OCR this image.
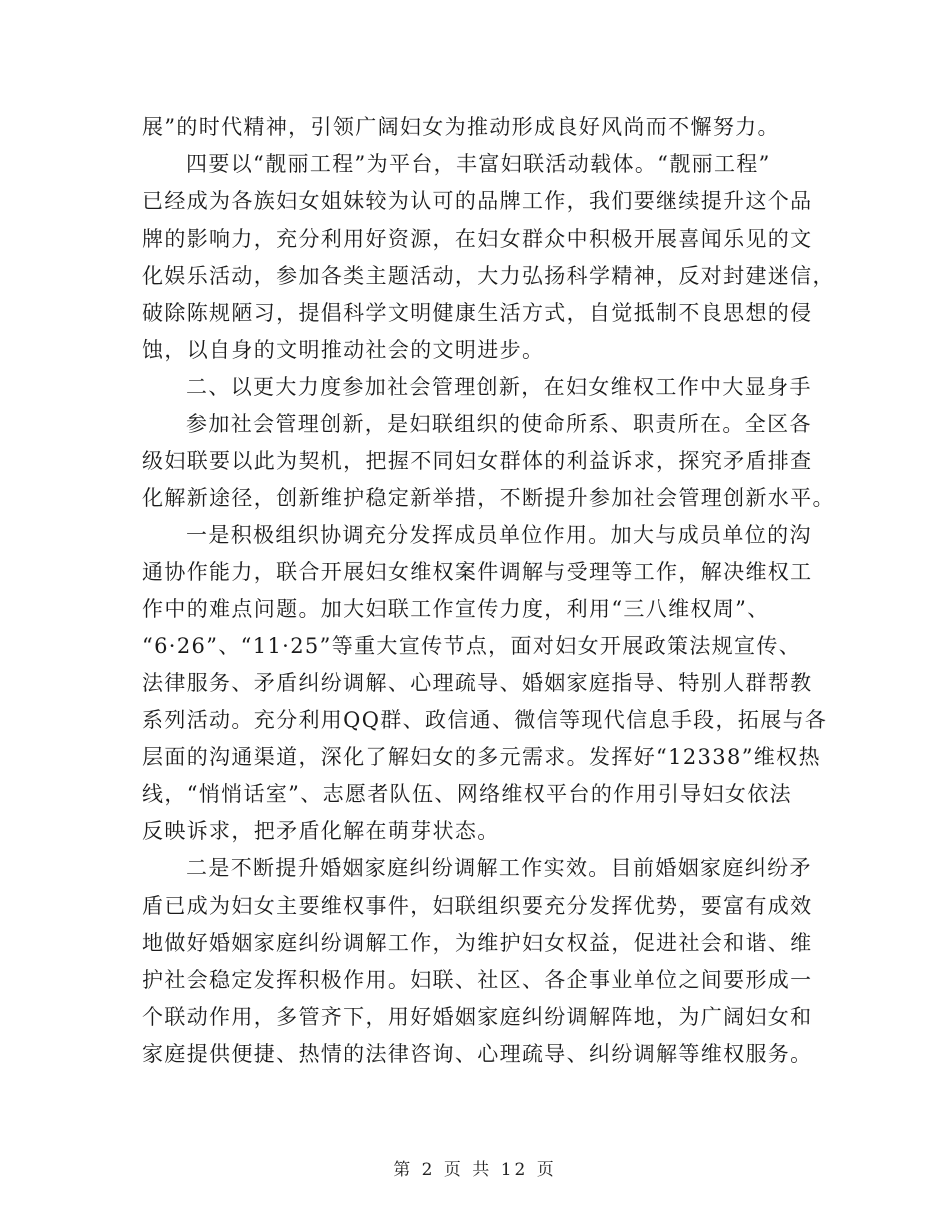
展”的时代精神，引领广阔妇女为推动形成良好风尚而不懈努力。
四要以“靓丽工程”为平台，丰富妇联活动载体。“靓丽工程”
已经成为各族妇女姐妹较为认可的品牌工作，我们要继续提升这个品
牌的影响力，充分利用好资源，在妇女群众中积极开展喜闻乐见的文
化娱乐活动，参加各类主题活动，大力弘扬科学精神，反对封建迷信，
破除陈规陋习，提倡科学文明健康生活方式，自觉抵制不良思想的侵
蚀，以自身的文明推动社会的文明进步。
二、以更大力度参加社会管理创新，在妇女维权工作中大显身手
参加社会管理创新，是妇联组织的使命所系、职责所在。全区各
级妇联要以此为契机，把握不同妇女群体的利益诉求，探究矛盾排查
化解新途径，创新维护稳定新举措，不断提升参加社会管理创新水平。
一是积极组织协调充分发挥成员单位作用。加大与成员单位的沟
通协作能力，联合开展妇女维权案件调解与受理等工作，解决维权工
作中的难点问题。加大妇联工作宣传力度，利用“三八维权周”、
“6·26”、“11·25”等重大宣传节点，面对妇女开展政策法规宣传、
法律服务、矛盾纠纷调解、心理疏导、婚姻家庭指导、特别人群帮教
系列活动。充分利用QQ群、政信通、微信等现代信息手段，拓展与各
层面的沟通渠道，深化了解妇女的多元需求。发挥好“12338”维权热
线，“悄悄话室”、志愿者队伍、网络维权平台的作用引导妇女依法
反映诉求，把矛盾化解在萌芽状态。
二是不断提升婚姻家庭纠纷调解工作实效。目前婚姻家庭纠纷矛
盾已成为妇女主要维权事件，妇联组织要充分发挥优势，要富有成效
地做好婚姻家庭纠纷调解工作，为维护妇女权益，促进社会和谐、维
护社会稳定发挥积极作用。妇联、社区、各企事业单位之间要形成一
个联动作用，多管齐下，用好婚姻家庭纠纷调解阵地，为广阔妇女和
家庭提供便捷、热情的法律咨询、心理疏导、纠纷调解等维权服务。
第 2 页 共 12 页
